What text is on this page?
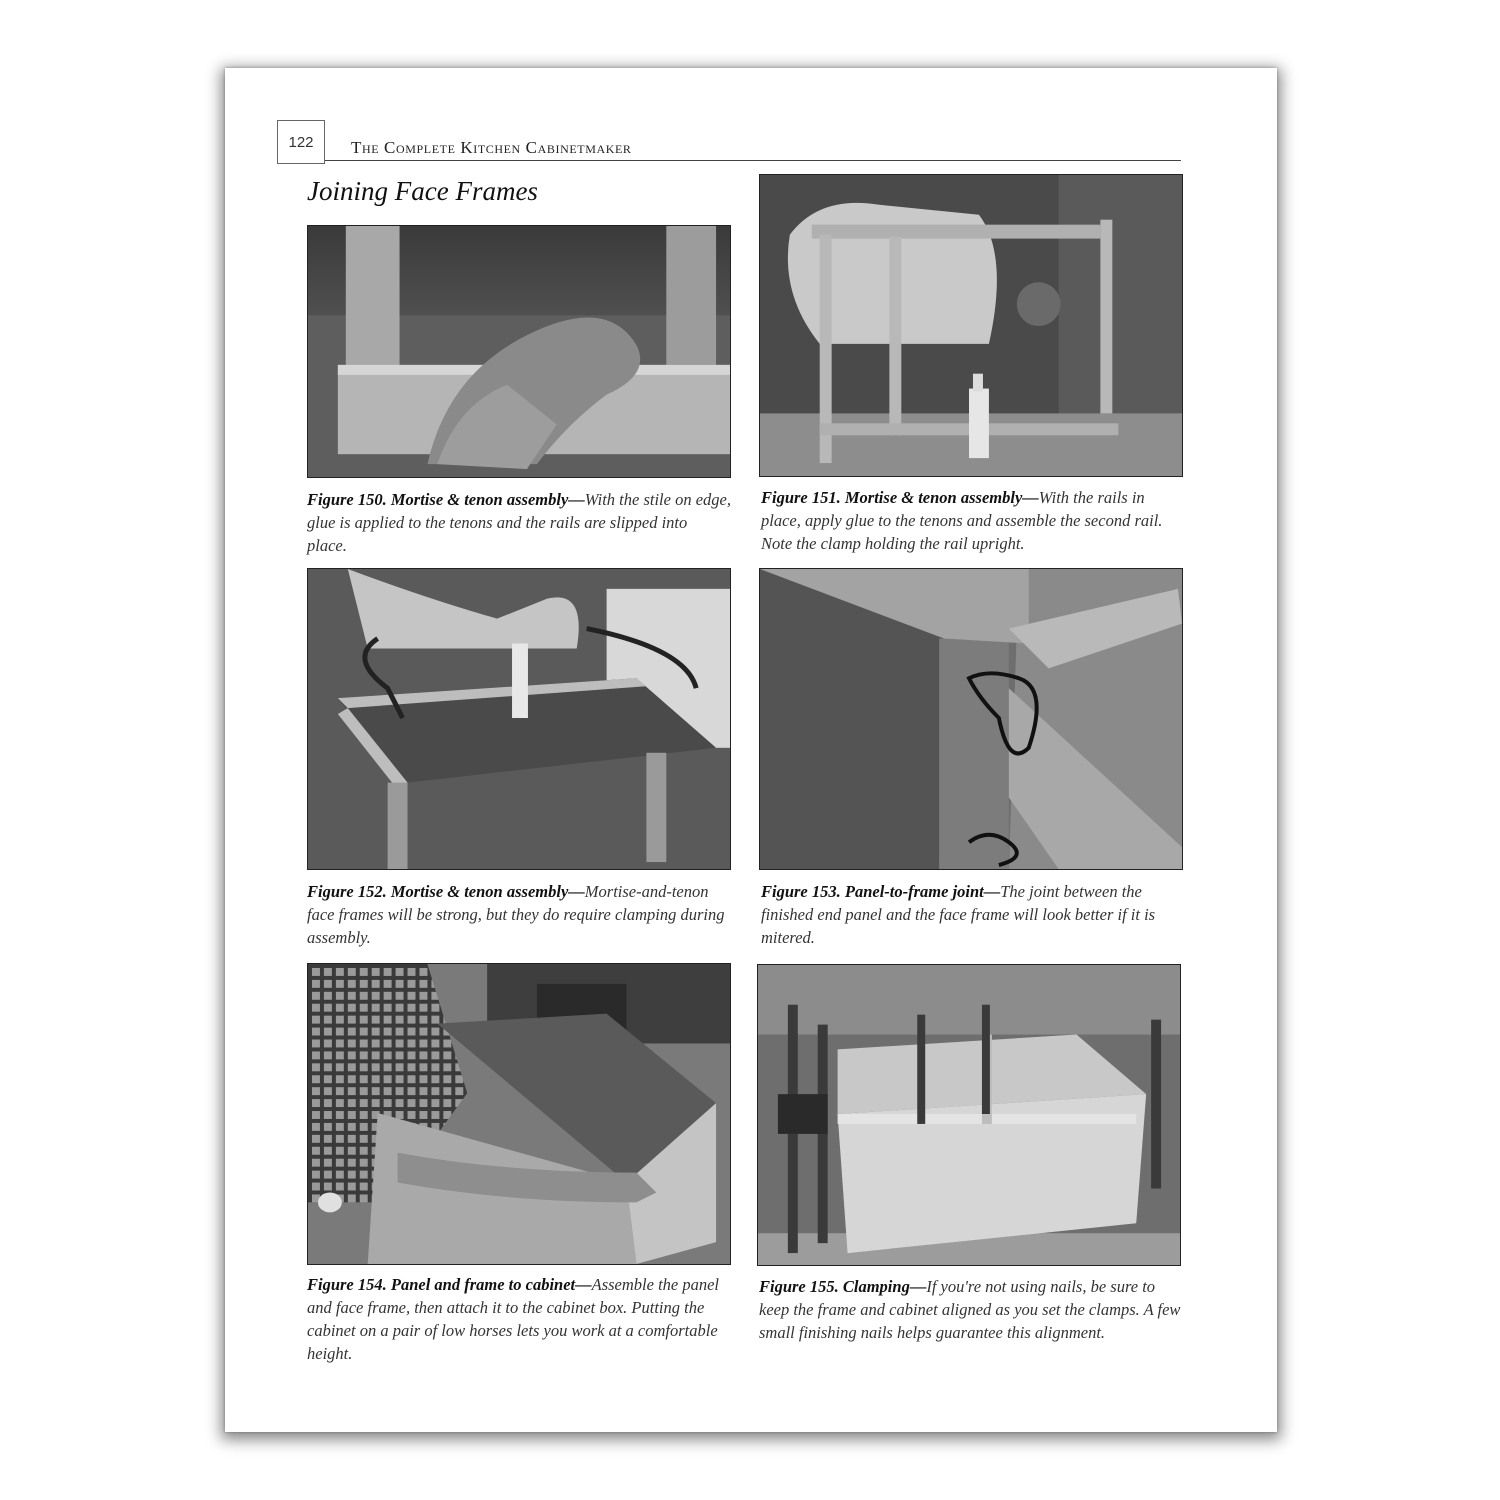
122	The Complete Kitchen Cabinetmaker
Joining Face Frames
Figure 150. Mortise & tenon assembly—With the stile on edge, glue is applied to the tenons and the rails are slipped into place.
Figure 151. Mortise & tenon assembly—With the rails in place, apply glue to the tenons and assemble the second rail. Note the clamp holding the rail upright.
Figure 152. Mortise & tenon assembly—Mortise-and-tenon face frames will be strong, but they do require clamping during assembly.
Figure 153. Panel-to-frame joint—The joint between the finished end panel and the face frame will look better if it is mitered.
Figure 154. Panel and frame to cabinet—Assemble the panel and face frame, then attach it to the cabinet box. Putting the cabinet on a pair of low horses lets you work at a comfortable height.
Figure 155. Clamping—If you're not using nails, be sure to keep the frame and cabinet aligned as you set the clamps. A few small finishing nails helps guarantee this alignment.
